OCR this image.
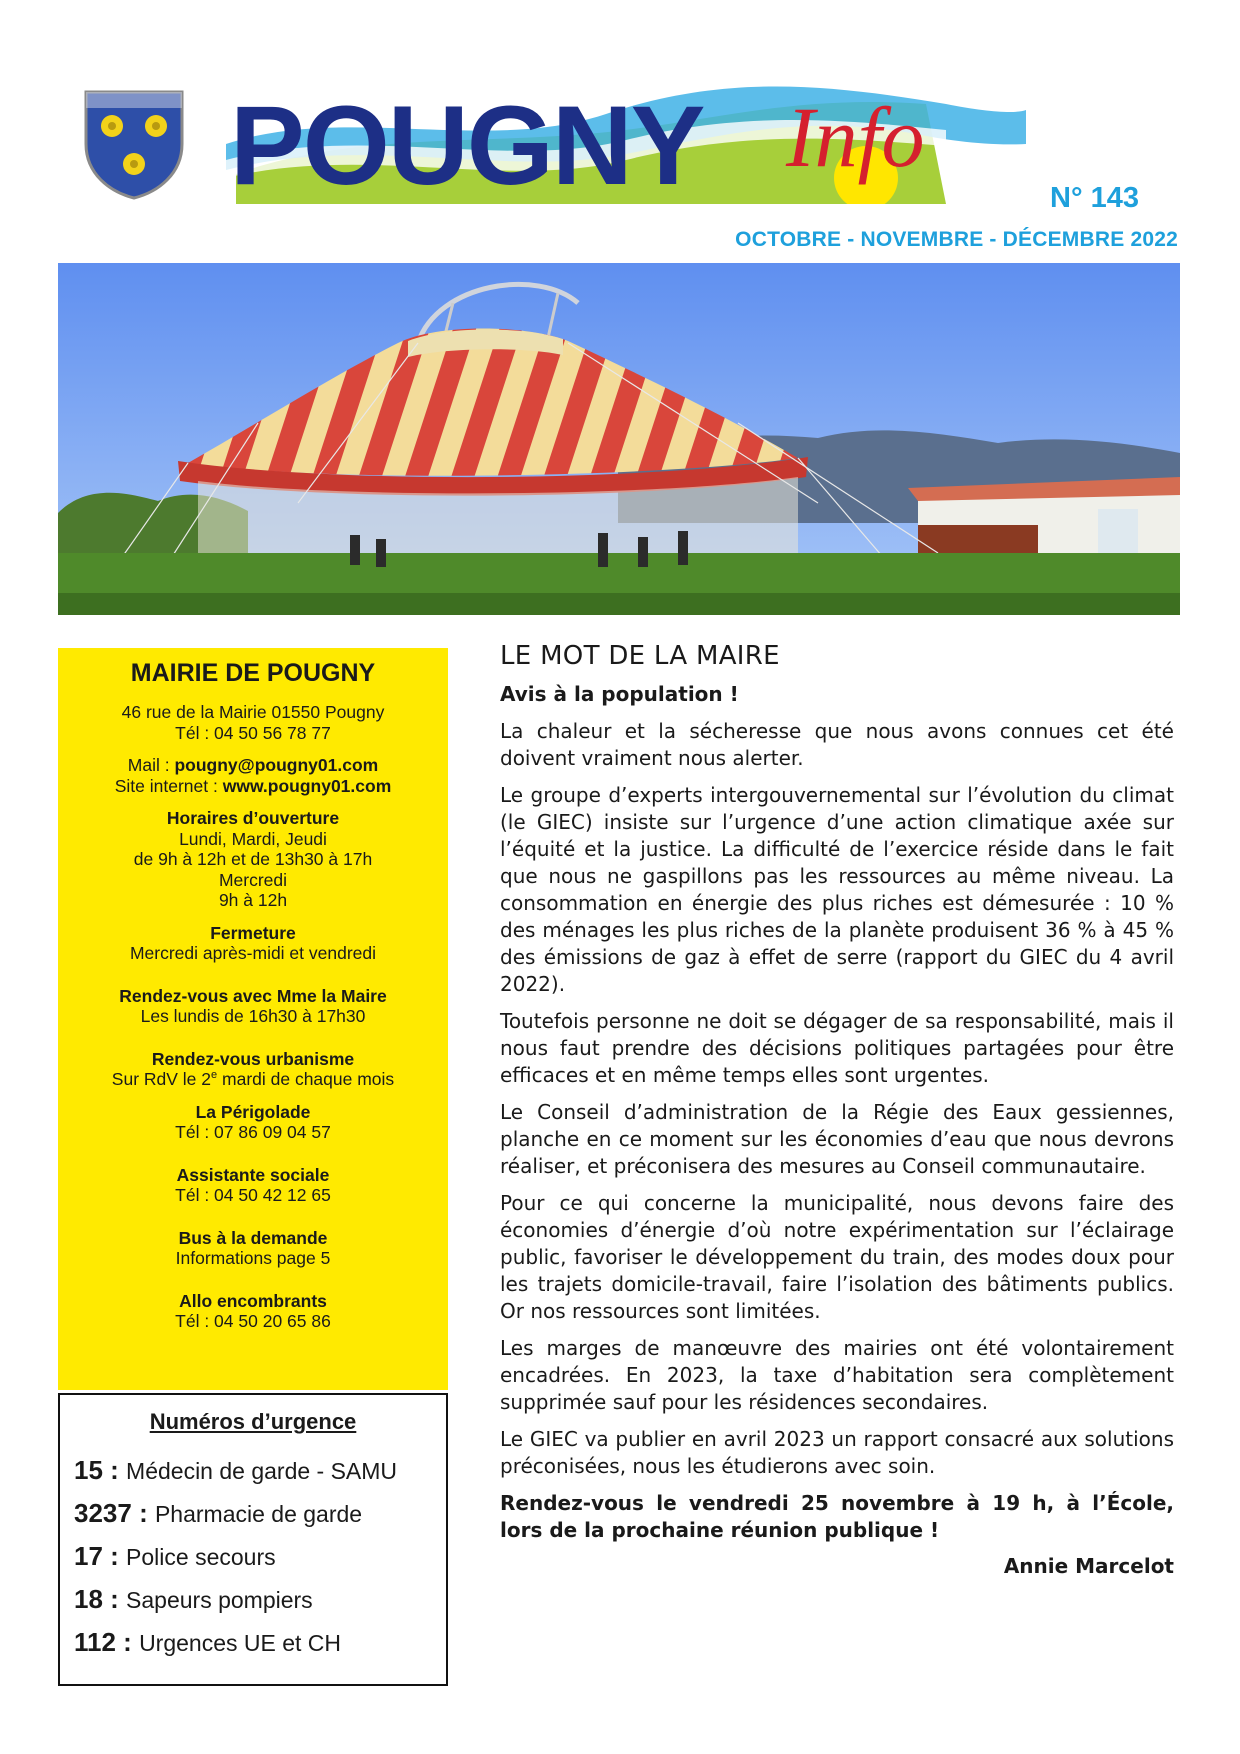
POUGNY Info
N° 143
OCTOBRE - NOVEMBRE - DÉCEMBRE 2022
MAIRIE DE POUGNY
46 rue de la Mairie 01550 Pougny
Tél : 04 50 56 78 77
Mail : pougny@pougny01.com
Site internet : www.pougny01.com
Horaires d’ouverture
Lundi, Mardi, Jeudi
de 9h à 12h et de 13h30 à 17h
Mercredi
9h à 12h
Fermeture
Mercredi après-midi et vendredi
Rendez-vous avec Mme la Maire
Les lundis de 16h30 à 17h30
Rendez-vous urbanisme
Sur RdV le 2e mardi de chaque mois
La Périgolade
Tél : 07 86 09 04 57
Assistante sociale
Tél : 04 50 42 12 65
Bus à la demande
Informations page 5
Allo encombrants
Tél : 04 50 20 65 86
Numéros d’urgence
15 : Médecin de garde - SAMU
3237 : Pharmacie de garde
17 : Police secours
18 : Sapeurs pompiers
112 : Urgences UE et CH
LE MOT DE LA MAIRE
Avis à la population !

La chaleur et la sécheresse que nous avons connues cet été doivent vraiment nous alerter.

Le groupe d’experts intergouvernemental sur l’évolution du climat (le GIEC) insiste sur l’urgence d’une action climatique axée sur l’équité et la justice. La difficulté de l’exercice réside dans le fait que nous ne gaspillons pas les ressources au même niveau. La consommation en énergie des plus riches est démesurée : 10 % des ménages les plus riches de la planète produisent 36 % à 45 % des émissions de gaz à effet de serre (rapport du GIEC du 4 avril 2022).

Toutefois personne ne doit se dégager de sa responsabilité, mais il nous faut prendre des décisions politiques partagées pour être efficaces et en même temps elles sont urgentes.

Le Conseil d’administration de la Régie des Eaux gessiennes, planche en ce moment sur les économies d’eau que nous devrons réaliser, et préconisera des mesures au Conseil communautaire.

Pour ce qui concerne la municipalité, nous devons faire des économies d’énergie d’où notre expérimentation sur l’éclairage public, favoriser le développement du train, des modes doux pour les trajets domicile-travail, faire l’isolation des bâtiments publics. Or nos ressources sont limitées.

Les marges de manœuvre des mairies ont été volontairement encadrées. En 2023, la taxe d’habitation sera complètement supprimée sauf pour les résidences secondaires.

Le GIEC va publier en avril 2023 un rapport consacré aux solutions préconisées, nous les étudierons avec soin.

Rendez-vous le vendredi 25 novembre à 19 h, à l’École, lors de la prochaine réunion publique !

Annie Marcelot
